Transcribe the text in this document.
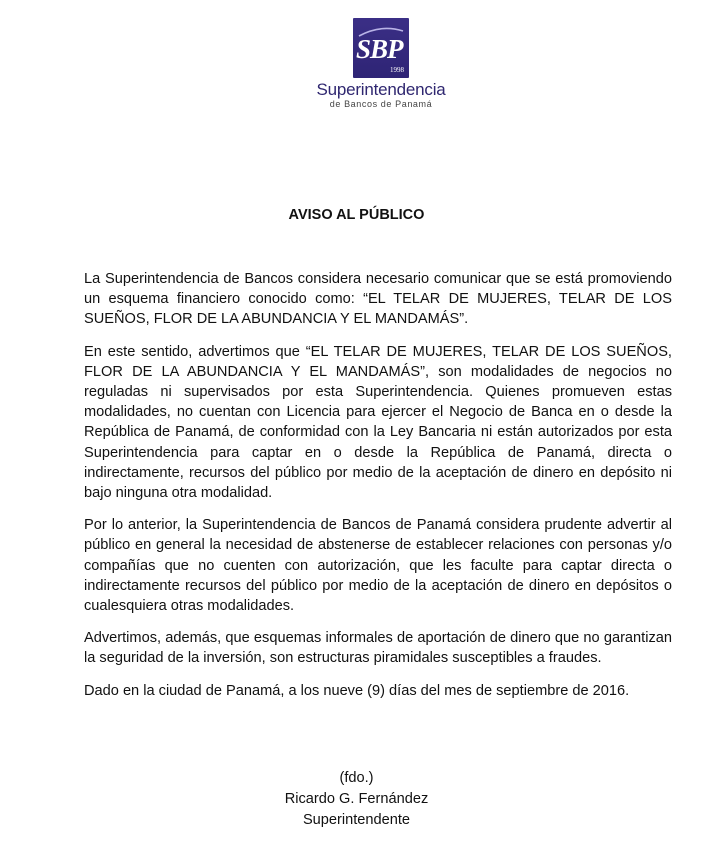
SBP
1998
Superintendencia
de Bancos de Panamá
AVISO AL PÚBLICO

La Superintendencia de Bancos considera necesario comunicar que se está promoviendo un esquema financiero conocido como: “EL TELAR DE MUJERES, TELAR DE LOS SUEÑOS, FLOR DE LA ABUNDANCIA Y EL MANDAMÁS”.

En este sentido, advertimos que “EL TELAR DE MUJERES, TELAR DE LOS SUEÑOS, FLOR DE LA ABUNDANCIA Y EL MANDAMÁS”, son modalidades de negocios no reguladas ni supervisados por esta Superintendencia. Quienes promueven estas modalidades, no cuentan con Licencia para ejercer el Negocio de Banca en o desde la República de Panamá, de conformidad con la Ley Bancaria ni están autorizados por esta Superintendencia para captar en o desde la República de Panamá, directa o indirectamente, recursos del público por medio de la aceptación de dinero en depósito ni bajo ninguna otra modalidad.

Por lo anterior, la Superintendencia de Bancos de Panamá considera prudente advertir al público en general la necesidad de abstenerse de establecer relaciones con personas y/o compañías que no cuenten con autorización, que les faculte para captar directa o indirectamente recursos del público por medio de la aceptación de dinero en depósitos o cualesquiera otras modalidades.

Advertimos, además, que esquemas informales de aportación de dinero que no garantizan la seguridad de la inversión, son estructuras piramidales susceptibles a fraudes.

Dado en la ciudad de Panamá, a los nueve (9) días del mes de septiembre de 2016.

(fdo.)
Ricardo G. Fernández
Superintendente
